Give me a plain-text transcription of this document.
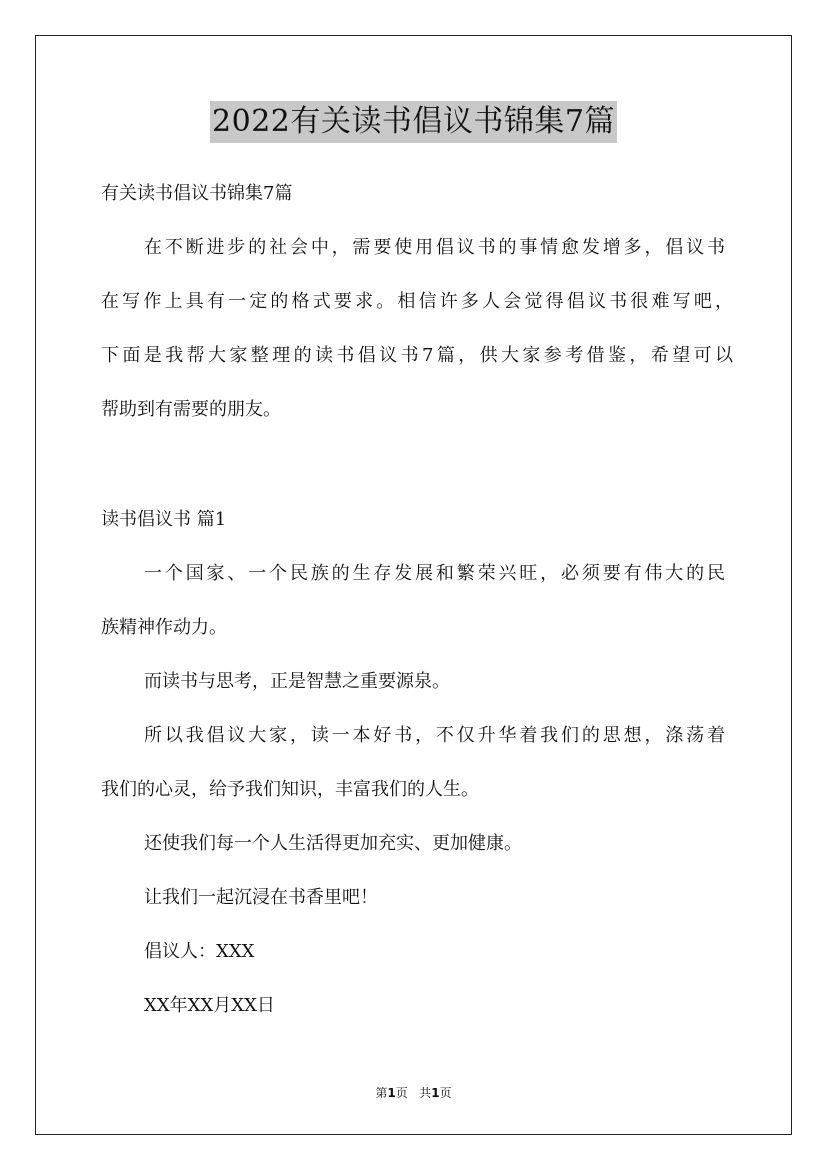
2022有关读书倡议书锦集7篇

有关读书倡议书锦集7篇

在不断进步的社会中，需要使用倡议书的事情愈发增多，倡议书

在写作上具有一定的格式要求。相信许多人会觉得倡议书很难写吧，

下面是我帮大家整理的读书倡议书7篇，供大家参考借鉴，希望可以

帮助到有需要的朋友。

读书倡议书 篇1

一个国家、一个民族的生存发展和繁荣兴旺，必须要有伟大的民

族精神作动力。

而读书与思考，正是智慧之重要源泉。

所以我倡议大家，读一本好书，不仅升华着我们的思想，涤荡着

我们的心灵，给予我们知识，丰富我们的人生。

还使我们每一个人生活得更加充实、更加健康。

让我们一起沉浸在书香里吧！

倡议人：XXX

XX年XX月XX日

第1页 共1页
